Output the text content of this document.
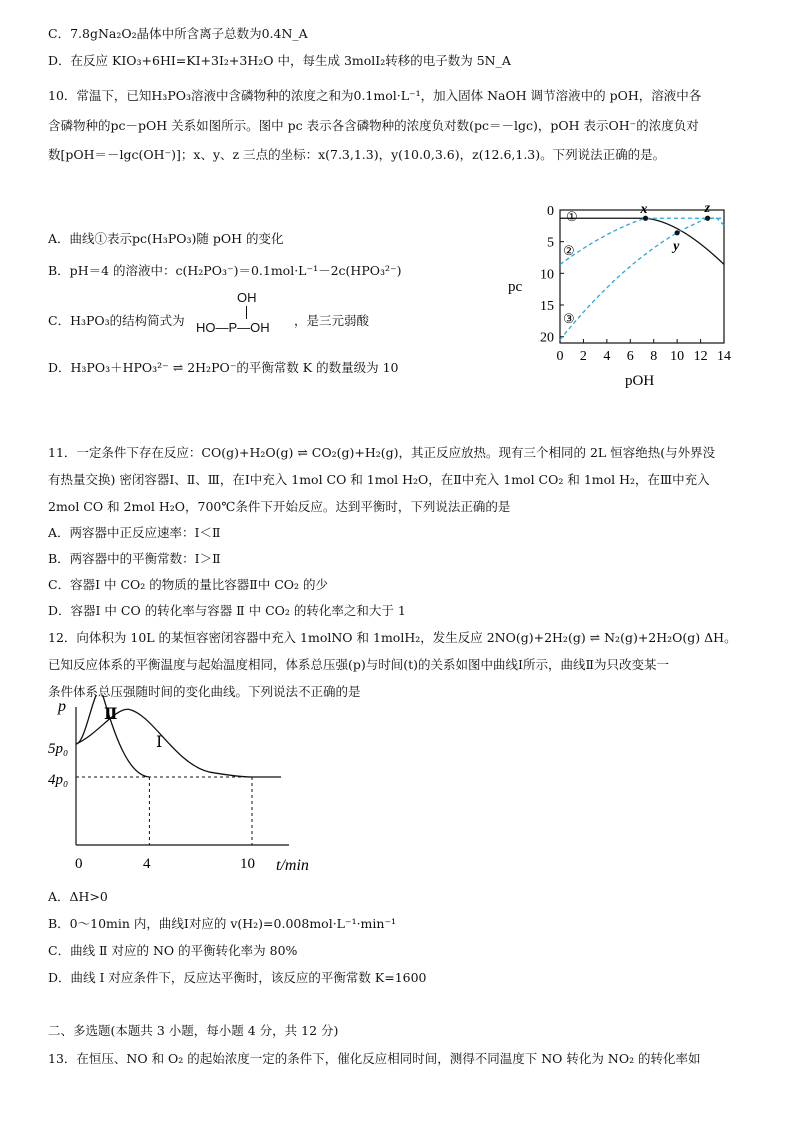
C．7.8gNa₂O₂晶体中所含离子总数为0.4N_A
D．在反应 KIO₃+6HI=KI+3I₂+3H₂O 中，每生成 3molI₂转移的电子数为 5N_A
10．常温下，已知H₃PO₃溶液中含磷物种的浓度之和为0.1mol·L⁻¹，加入固体 NaOH 调节溶液中的 pOH，溶液中各
含磷物种的pc－pOH 关系如图所示。图中 pc 表示各含磷物种的浓度负对数(pc＝－lgc)，pOH 表示OH⁻的浓度负对
数[pOH＝－lgc(OH⁻)]；x、y、z 三点的坐标：x(7.3,1.3)，y(10.0,3.6)，z(12.6,1.3)。下列说法正确的是。
A．曲线①表示pc(H₃PO₃)随 pOH 的变化
B．pH＝4 的溶液中：c(H₂PO₃⁻)＝0.1mol·L⁻¹－2c(HPO₃²⁻)
C．H₃PO₃的结构简式为
OH
HO—P—OH ，是三元弱酸
D．H₃PO₃＋HPO₃²⁻ ⇌ 2H₂PO⁻的平衡常数 K 的数量级为 10
0
5
10
15
20
0 2 4 6 8 10 12 14
x
y
z
①
②
③
pc
pOH
11．一定条件下存在反应：CO(g)+H₂O(g) ⇌ CO₂(g)+H₂(g)，其正反应放热。现有三个相同的 2L 恒容绝热(与外界没
有热量交换) 密闭容器Ⅰ、Ⅱ、Ⅲ，在Ⅰ中充入 1mol CO 和 1mol H₂O，在Ⅱ中充入 1mol CO₂ 和 1mol H₂，在Ⅲ中充入
2mol CO 和 2mol H₂O，700℃条件下开始反应。达到平衡时，下列说法正确的是
A．两容器中正反应速率：Ⅰ＜Ⅱ
B．两容器中的平衡常数：Ⅰ＞Ⅱ
C．容器Ⅰ 中 CO₂ 的物质的量比容器Ⅱ中 CO₂ 的少
D．容器Ⅰ 中 CO 的转化率与容器 Ⅱ 中 CO₂ 的转化率之和大于 1
12．向体积为 10L 的某恒容密闭容器中充入 1molNO 和 1molH₂，发生反应 2NO(g)+2H₂(g) ⇌ N₂(g)+2H₂O(g) ΔH。
已知反应体系的平衡温度与起始温度相同，体系总压强(p)与时间(t)的关系如图中曲线Ⅰ所示，曲线Ⅱ为只改变某一
条件体系总压强随时间的变化曲线。下列说法不正确的是
p
5p₀
4p₀
0	4	10 t/min
Ⅱ
Ⅰ
A．ΔH>0
B．0～10min 内，曲线Ⅰ对应的 v(H₂)=0.008mol·L⁻¹·min⁻¹
C．曲线 Ⅱ 对应的 NO 的平衡转化率为 80%
D．曲线 Ⅰ 对应条件下，反应达平衡时，该反应的平衡常数 K=1600
二、多选题(本题共 3 小题，每小题 4 分，共 12 分)
13．在恒压、NO 和 O₂ 的起始浓度一定的条件下，催化反应相同时间，测得不同温度下 NO 转化为 NO₂ 的转化率如
